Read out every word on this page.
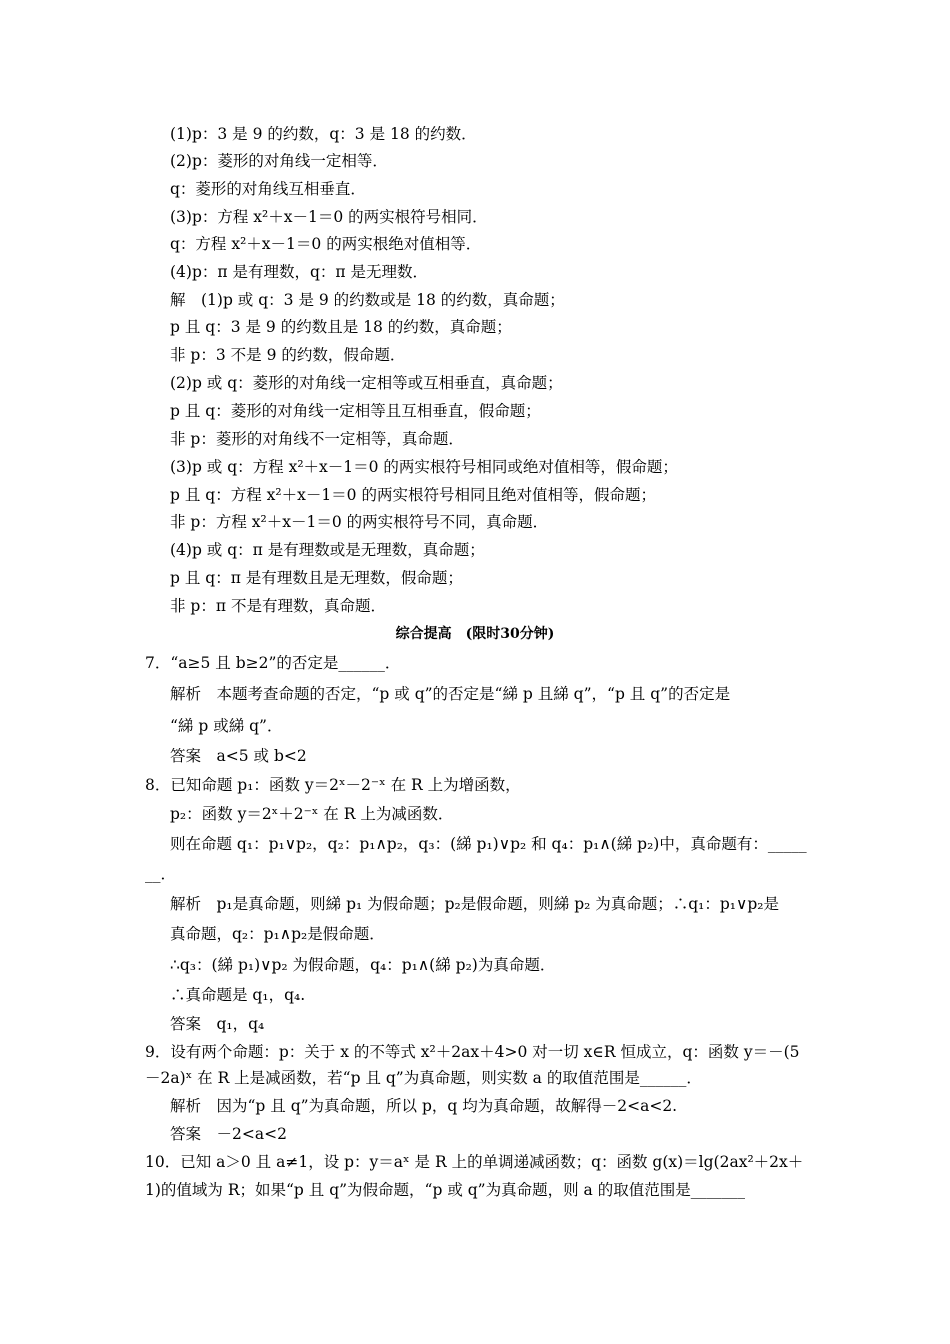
(1)p：3 是 9 的约数，q：3 是 18 的约数．
(2)p：菱形的对角线一定相等．
q：菱形的对角线互相垂直．
(3)p：方程 x²＋x－1＝0 的两实根符号相同．
q：方程 x²＋x－1＝0 的两实根绝对值相等．
(4)p：π 是有理数，q：π 是无理数．
解　(1)p 或 q：3 是 9 的约数或是 18 的约数，真命题；
p 且 q：3 是 9 的约数且是 18 的约数，真命题；
非 p：3 不是 9 的约数，假命题．
(2)p 或 q：菱形的对角线一定相等或互相垂直，真命题；
p 且 q：菱形的对角线一定相等且互相垂直，假命题；
非 p：菱形的对角线不一定相等，真命题．
(3)p 或 q：方程 x²＋x－1＝0 的两实根符号相同或绝对值相等，假命题；
p 且 q：方程 x²＋x－1＝0 的两实根符号相同且绝对值相等，假命题；
非 p：方程 x²＋x－1＝0 的两实根符号不同，真命题．
(4)p 或 q：π 是有理数或是无理数，真命题；
p 且 q：π 是有理数且是无理数，假命题；
非 p：π 不是有理数，真命题．
综合提高　(限时30分钟)
7．“a≥5 且 b≥2”的否定是______．
解析　本题考查命题的否定，“p 或 q”的否定是“綈 p 且綈 q”，“p 且 q”的否定是
“綈 p 或綈 q”．
答案　a<5 或 b<2
8．已知命题 p₁：函数 y＝2ˣ－2⁻ˣ 在 R 上为增函数，
p₂：函数 y＝2ˣ＋2⁻ˣ 在 R 上为减函数．
则在命题 q₁：p₁∨p₂，q₂：p₁∧p₂，q₃：(綈 p₁)∨p₂ 和 q₄：p₁∧(綈 p₂)中，真命题有：_____
__．
解析　p₁是真命题，则綈 p₁ 为假命题；p₂是假命题，则綈 p₂ 为真命题；∴q₁：p₁∨p₂是
真命题，q₂：p₁∧p₂是假命题．
∴q₃：(綈 p₁)∨p₂ 为假命题，q₄：p₁∧(綈 p₂)为真命题．
∴真命题是 q₁，q₄.
答案　q₁，q₄
9．设有两个命题：p：关于 x 的不等式 x²＋2ax＋4>0 对一切 x∈R 恒成立，q：函数 y＝－(5
－2a)ˣ 在 R 上是减函数，若“p 且 q”为真命题，则实数 a 的取值范围是______．
解析　因为“p 且 q”为真命题，所以 p，q 均为真命题，故解得－2<a<2.
答案　－2<a<2
10．已知 a＞0 且 a≠1，设 p：y＝aˣ 是 R 上的单调递减函数；q：函数 g(x)＝lg(2ax²＋2x＋
1)的值域为 R；如果“p 且 q”为假命题，“p 或 q”为真命题，则 a 的取值范围是_______
